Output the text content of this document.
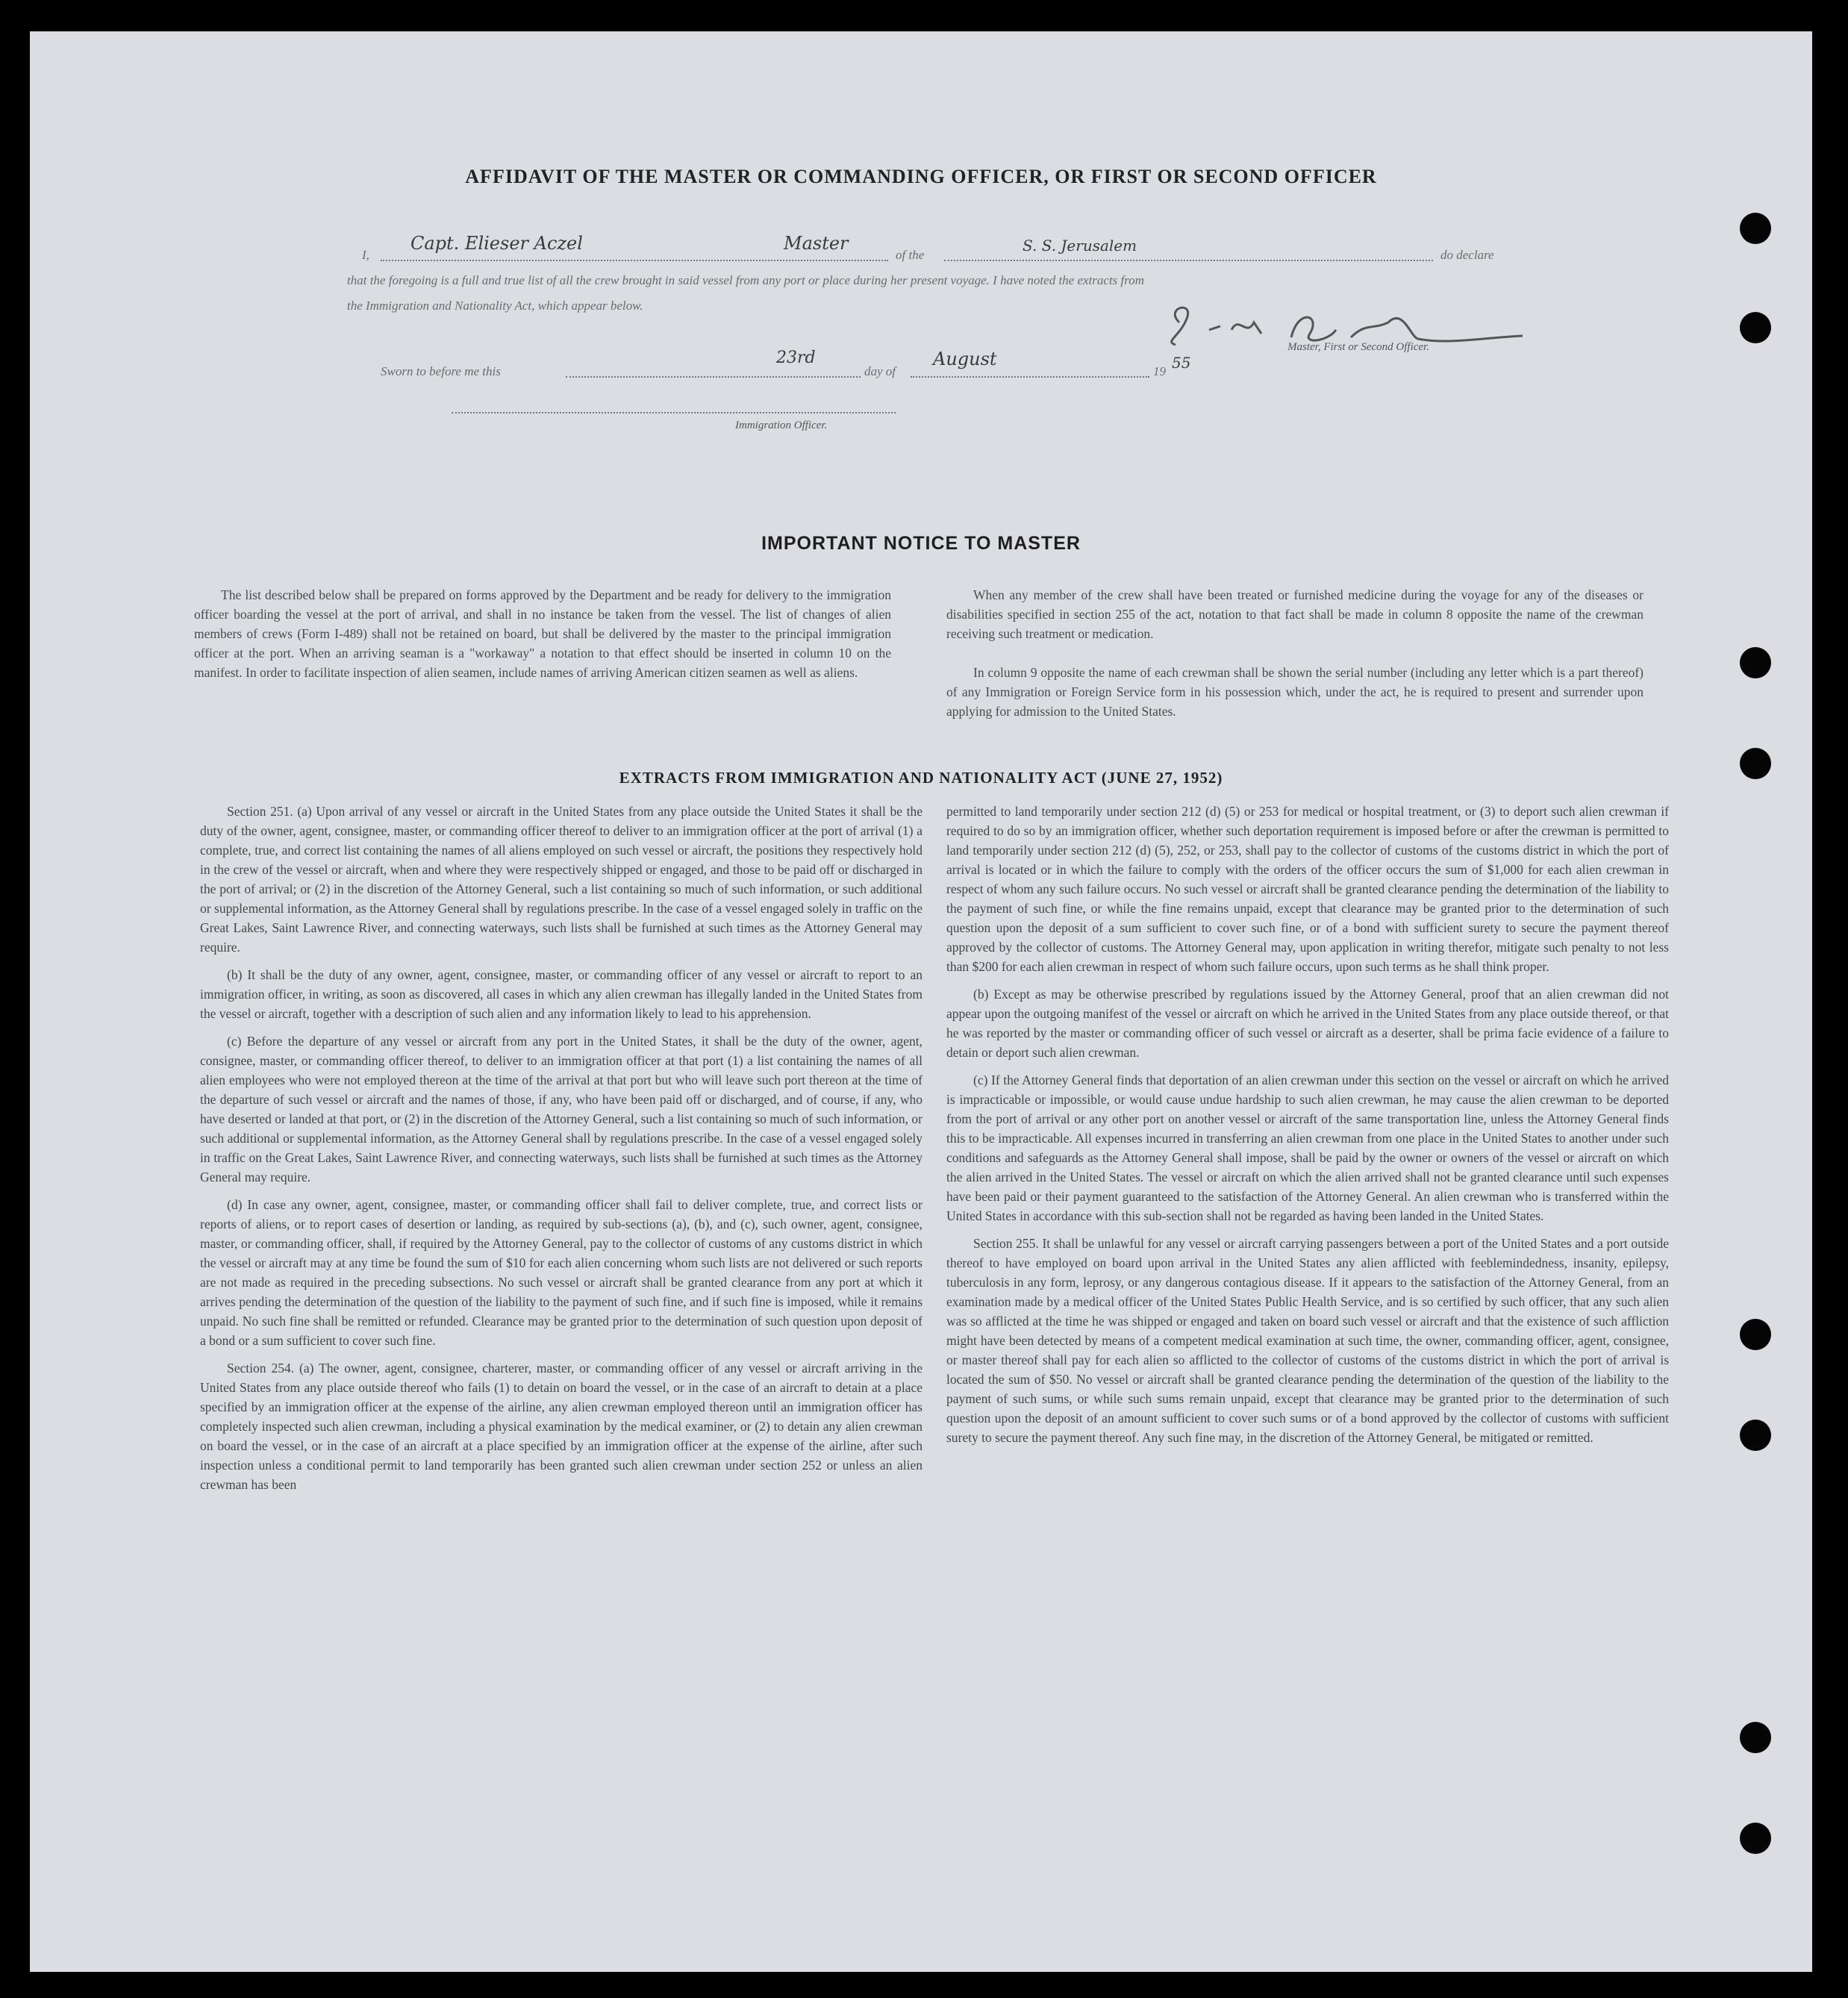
AFFIDAVIT OF THE MASTER OR COMMANDING OFFICER, OR FIRST OR SECOND OFFICER
I,
Capt. Elieser Aczel	Master
of the
S. S. Jerusalem
do declare
that the foregoing is a full and true list of all the crew brought in said vessel from any port or place during her present voyage. I have noted the extracts from
the Immigration and Nationality Act, which appear below.
Master, First or Second Officer.
Sworn to before me this
23rd
day of
August
19 55
Immigration Officer.
IMPORTANT NOTICE TO MASTER

The list described below shall be prepared on forms approved by the Department and be ready for delivery to the immigration officer boarding the vessel at the port of arrival, and shall in no instance be taken from the vessel. The list of changes of alien members of crews (Form I-489) shall not be retained on board, but shall be delivered by the master to the principal immigration officer at the port. When an arriving seaman is a "workaway" a notation to that effect should be inserted in column 10 on the manifest. In order to facilitate inspection of alien seamen, include names of arriving American citizen seamen as well as aliens.

When any member of the crew shall have been treated or furnished medicine during the voyage for any of the diseases or disabilities specified in section 255 of the act, notation to that fact shall be made in column 8 opposite the name of the crewman receiving such treatment or medication.

In column 9 opposite the name of each crewman shall be shown the serial number (including any letter which is a part thereof) of any Immigration or Foreign Service form in his possession which, under the act, he is required to present and surrender upon applying for admission to the United States.

EXTRACTS FROM IMMIGRATION AND NATIONALITY ACT (JUNE 27, 1952)

Section 251. (a) Upon arrival of any vessel or aircraft in the United States from any place outside the United States it shall be the duty of the owner, agent, consignee, master, or commanding officer thereof to deliver to an immigration officer at the port of arrival (1) a complete, true, and correct list containing the names of all aliens employed on such vessel or aircraft, the positions they respectively hold in the crew of the vessel or aircraft, when and where they were respectively shipped or engaged, and those to be paid off or discharged in the port of arrival; or (2) in the discretion of the Attorney General, such a list containing so much of such information, or such additional or supplemental information, as the Attorney General shall by regulations prescribe. In the case of a vessel engaged solely in traffic on the Great Lakes, Saint Lawrence River, and connecting waterways, such lists shall be furnished at such times as the Attorney General may require.

(b) It shall be the duty of any owner, agent, consignee, master, or commanding officer of any vessel or aircraft to report to an immigration officer, in writing, as soon as discovered, all cases in which any alien crewman has illegally landed in the United States from the vessel or aircraft, together with a description of such alien and any information likely to lead to his apprehension.

(c) Before the departure of any vessel or aircraft from any port in the United States, it shall be the duty of the owner, agent, consignee, master, or commanding officer thereof, to deliver to an immigration officer at that port (1) a list containing the names of all alien employees who were not employed thereon at the time of the arrival at that port but who will leave such port thereon at the time of the departure of such vessel or aircraft and the names of those, if any, who have been paid off or discharged, and of course, if any, who have deserted or landed at that port, or (2) in the discretion of the Attorney General, such a list containing so much of such information, or such additional or supplemental information, as the Attorney General shall by regulations prescribe. In the case of a vessel engaged solely in traffic on the Great Lakes, Saint Lawrence River, and connecting waterways, such lists shall be furnished at such times as the Attorney General may require.

(d) In case any owner, agent, consignee, master, or commanding officer shall fail to deliver complete, true, and correct lists or reports of aliens, or to report cases of desertion or landing, as required by sub-sections (a), (b), and (c), such owner, agent, consignee, master, or commanding officer, shall, if required by the Attorney General, pay to the collector of customs of any customs district in which the vessel or aircraft may at any time be found the sum of $10 for each alien concerning whom such lists are not delivered or such reports are not made as required in the preceding subsections. No such vessel or aircraft shall be granted clearance from any port at which it arrives pending the determination of the question of the liability to the payment of such fine, and if such fine is imposed, while it remains unpaid. No such fine shall be remitted or refunded. Clearance may be granted prior to the determination of such question upon deposit of a bond or a sum sufficient to cover such fine.

Section 254. (a) The owner, agent, consignee, charterer, master, or commanding officer of any vessel or aircraft arriving in the United States from any place outside thereof who fails (1) to detain on board the vessel, or in the case of an aircraft to detain at a place specified by an immigration officer at the expense of the airline, any alien crewman employed thereon until an immigration officer has completely inspected such alien crewman, including a physical examination by the medical examiner, or (2) to detain any alien crewman on board the vessel, or in the case of an aircraft at a place specified by an immigration officer at the expense of the airline, after such inspection unless a conditional permit to land temporarily has been granted such alien crewman under section 252 or unless an alien crewman has been

permitted to land temporarily under section 212 (d) (5) or 253 for medical or hospital treatment, or (3) to deport such alien crewman if required to do so by an immigration officer, whether such deportation requirement is imposed before or after the crewman is permitted to land temporarily under section 212 (d) (5), 252, or 253, shall pay to the collector of customs of the customs district in which the port of arrival is located or in which the failure to comply with the orders of the officer occurs the sum of $1,000 for each alien crewman in respect of whom any such failure occurs. No such vessel or aircraft shall be granted clearance pending the determination of the liability to the payment of such fine, or while the fine remains unpaid, except that clearance may be granted prior to the determination of such question upon the deposit of a sum sufficient to cover such fine, or of a bond with sufficient surety to secure the payment thereof approved by the collector of customs. The Attorney General may, upon application in writing therefor, mitigate such penalty to not less than $200 for each alien crewman in respect of whom such failure occurs, upon such terms as he shall think proper.

(b) Except as may be otherwise prescribed by regulations issued by the Attorney General, proof that an alien crewman did not appear upon the outgoing manifest of the vessel or aircraft on which he arrived in the United States from any place outside thereof, or that he was reported by the master or commanding officer of such vessel or aircraft as a deserter, shall be prima facie evidence of a failure to detain or deport such alien crewman.

(c) If the Attorney General finds that deportation of an alien crewman under this section on the vessel or aircraft on which he arrived is impracticable or impossible, or would cause undue hardship to such alien crewman, he may cause the alien crewman to be deported from the port of arrival or any other port on another vessel or aircraft of the same transportation line, unless the Attorney General finds this to be impracticable. All expenses incurred in transferring an alien crewman from one place in the United States to another under such conditions and safeguards as the Attorney General shall impose, shall be paid by the owner or owners of the vessel or aircraft on which the alien arrived in the United States. The vessel or aircraft on which the alien arrived shall not be granted clearance until such expenses have been paid or their payment guaranteed to the satisfaction of the Attorney General. An alien crewman who is transferred within the United States in accordance with this sub-section shall not be regarded as having been landed in the United States.

Section 255. It shall be unlawful for any vessel or aircraft carrying passengers between a port of the United States and a port outside thereof to have employed on board upon arrival in the United States any alien afflicted with feeblemindedness, insanity, epilepsy, tuberculosis in any form, leprosy, or any dangerous contagious disease. If it appears to the satisfaction of the Attorney General, from an examination made by a medical officer of the United States Public Health Service, and is so certified by such officer, that any such alien was so afflicted at the time he was shipped or engaged and taken on board such vessel or aircraft and that the existence of such affliction might have been detected by means of a competent medical examination at such time, the owner, commanding officer, agent, consignee, or master thereof shall pay for each alien so afflicted to the collector of customs of the customs district in which the port of arrival is located the sum of $50. No vessel or aircraft shall be granted clearance pending the determination of the question of the liability to the payment of such sums, or while such sums remain unpaid, except that clearance may be granted prior to the determination of such question upon the deposit of an amount sufficient to cover such sums or of a bond approved by the collector of customs with sufficient surety to secure the payment thereof. Any such fine may, in the discretion of the Attorney General, be mitigated or remitted.
